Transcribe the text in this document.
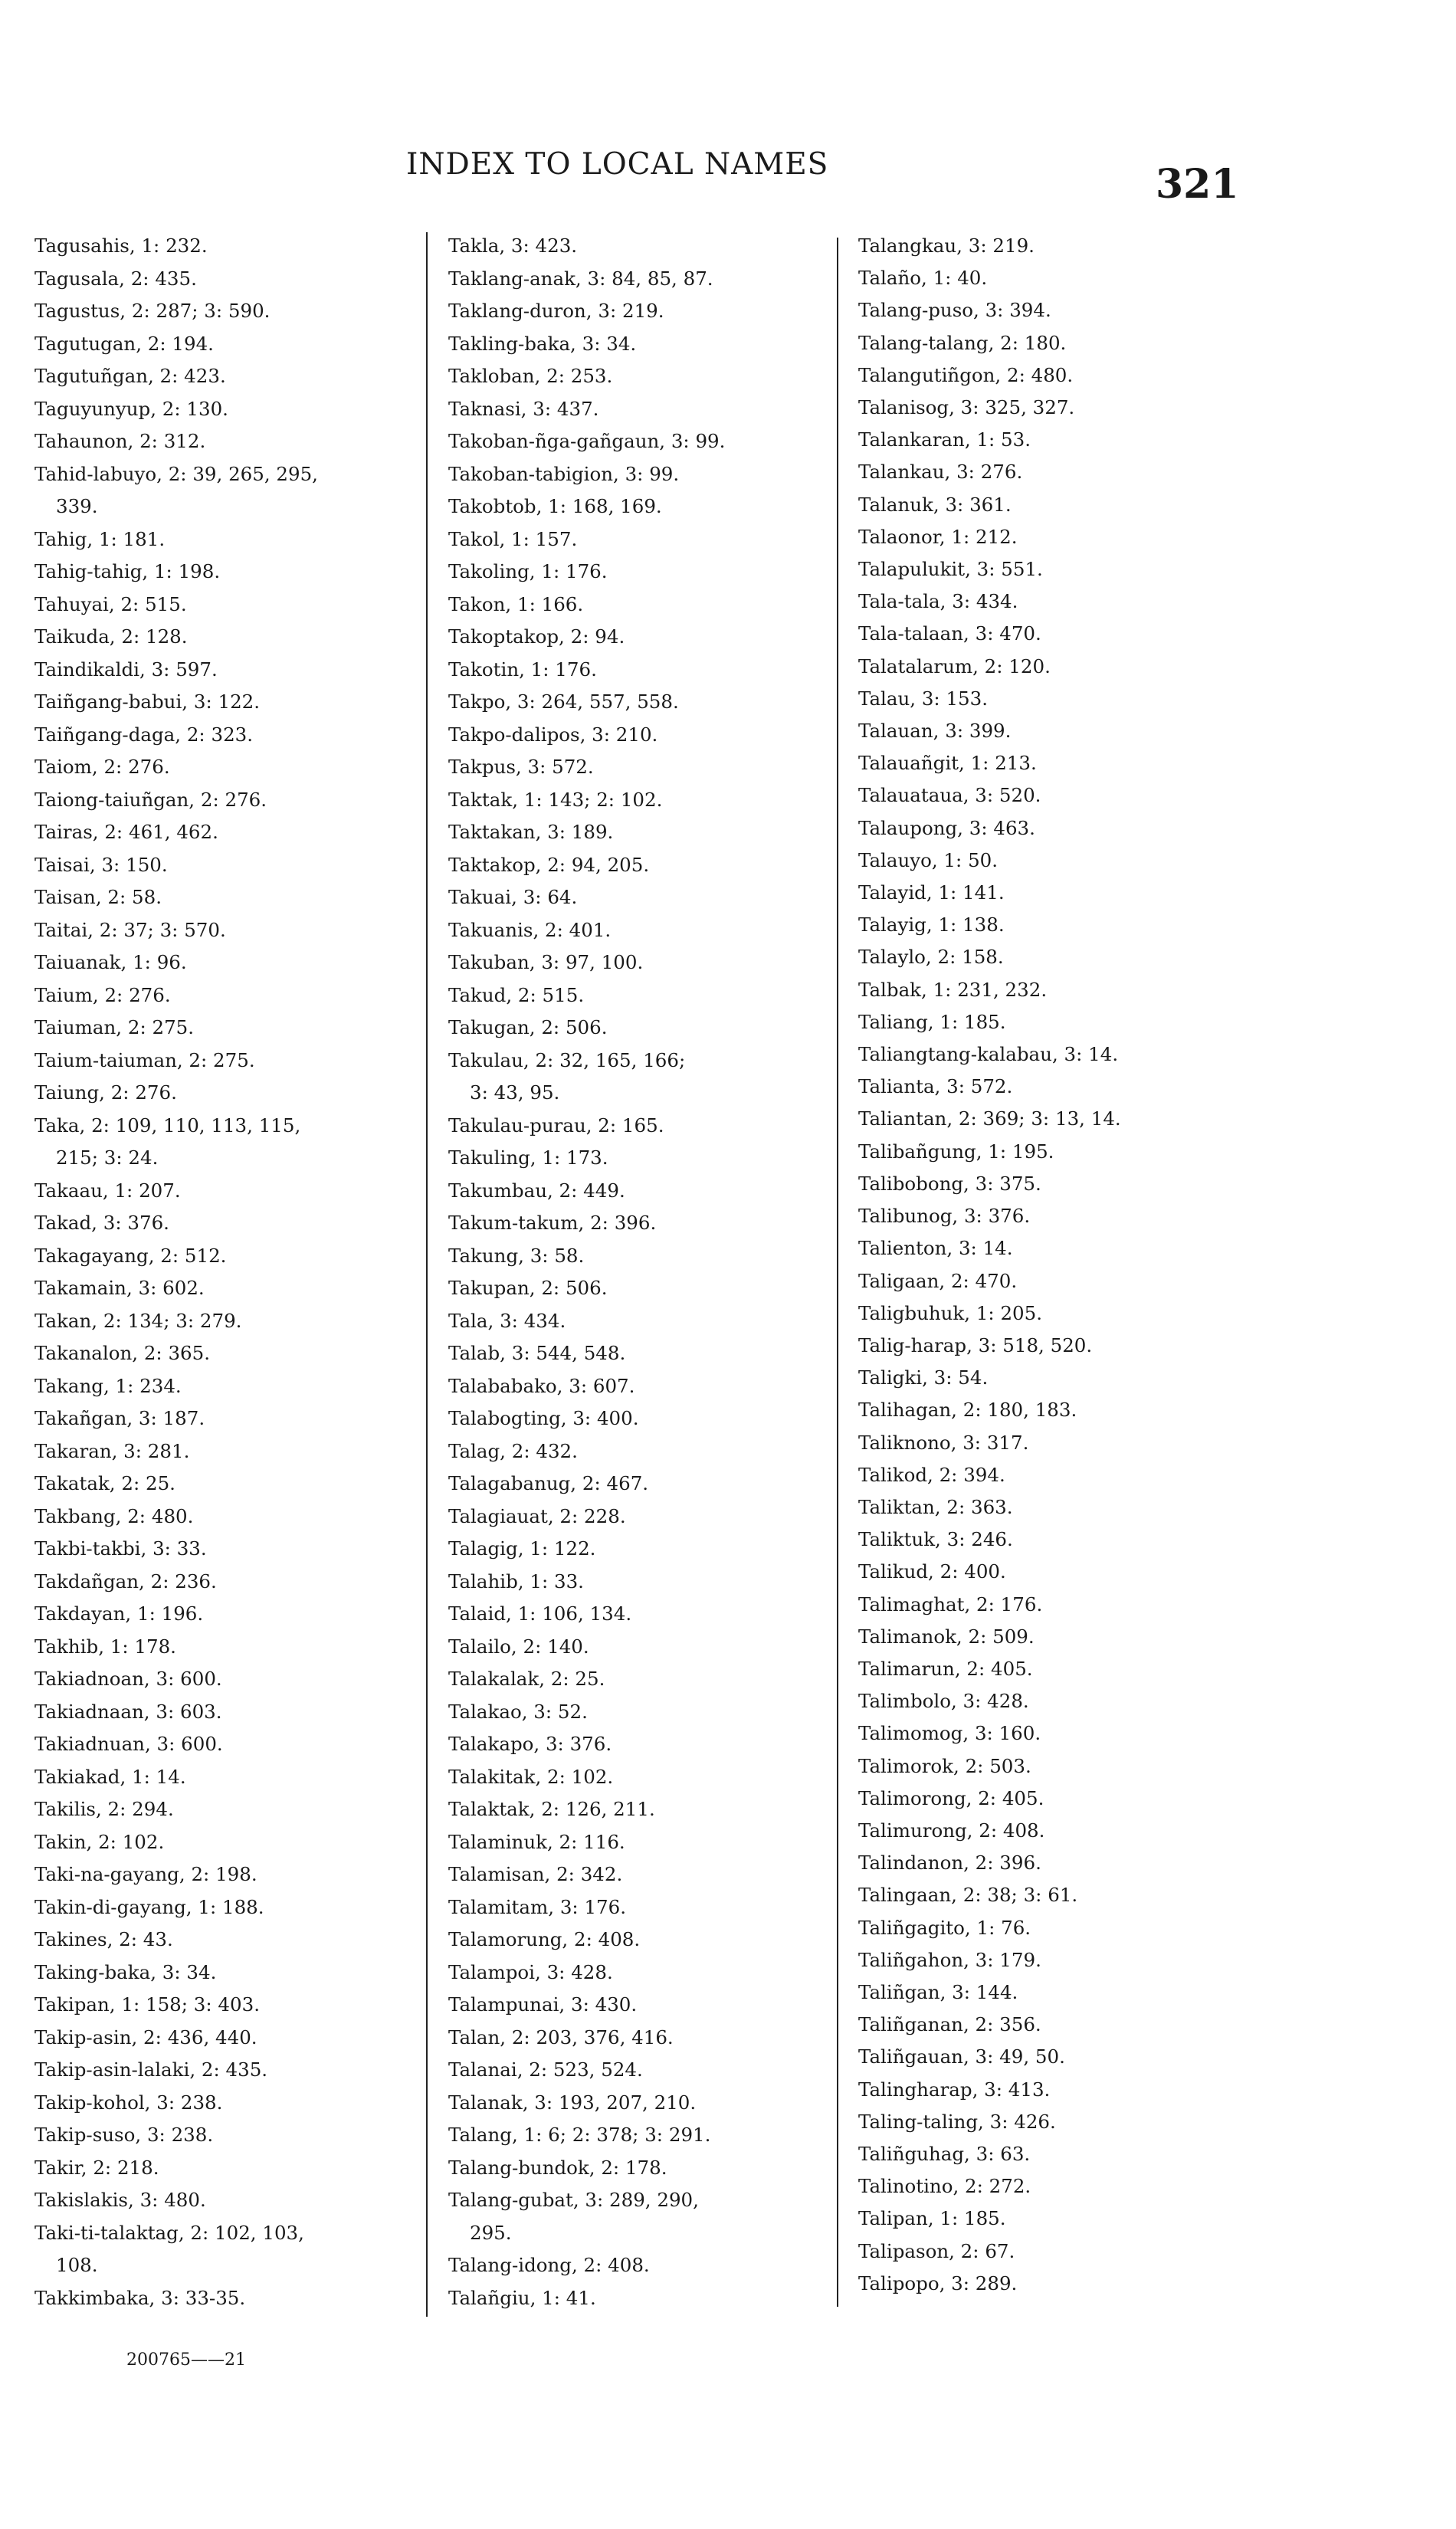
INDEX TO LOCAL NAMES	321
Tagusahis, 1: 232.
Tagusala, 2: 435.
Tagustus, 2: 287; 3: 590.
Tagutugan, 2: 194.
Tagutuñgan, 2: 423.
Taguyunyup, 2: 130.
Tahaunon, 2: 312.
Tahid-labuyo, 2: 39, 265, 295,
339.
Tahig, 1: 181.
Tahig-tahig, 1: 198.
Tahuyai, 2: 515.
Taikuda, 2: 128.
Taindikaldi, 3: 597.
Taiñgang-babui, 3: 122.
Taiñgang-daga, 2: 323.
Taiom, 2: 276.
Taiong-taiuñgan, 2: 276.
Tairas, 2: 461, 462.
Taisai, 3: 150.
Taisan, 2: 58.
Taitai, 2: 37; 3: 570.
Taiuanak, 1: 96.
Taium, 2: 276.
Taiuman, 2: 275.
Taium-taiuman, 2: 275.
Taiung, 2: 276.
Taka, 2: 109, 110, 113, 115,
215; 3: 24.
Takaau, 1: 207.
Takad, 3: 376.
Takagayang, 2: 512.
Takamain, 3: 602.
Takan, 2: 134; 3: 279.
Takanalon, 2: 365.
Takang, 1: 234.
Takañgan, 3: 187.
Takaran, 3: 281.
Takatak, 2: 25.
Takbang, 2: 480.
Takbi-takbi, 3: 33.
Takdañgan, 2: 236.
Takdayan, 1: 196.
Takhib, 1: 178.
Takiadnoan, 3: 600.
Takiadnaan, 3: 603.
Takiadnuan, 3: 600.
Takiakad, 1: 14.
Takilis, 2: 294.
Takin, 2: 102.
Taki-na-gayang, 2: 198.
Takin-di-gayang, 1: 188.
Takines, 2: 43.
Taking-baka, 3: 34.
Takipan, 1: 158; 3: 403.
Takip-asin, 2: 436, 440.
Takip-asin-lalaki, 2: 435.
Takip-kohol, 3: 238.
Takip-suso, 3: 238.
Takir, 2: 218.
Takislakis, 3: 480.
Taki-ti-talaktag, 2: 102, 103,
108.
Takkimbaka, 3: 33-35.
Takla, 3: 423.
Taklang-anak, 3: 84, 85, 87.
Taklang-duron, 3: 219.
Takling-baka, 3: 34.
Takloban, 2: 253.
Taknasi, 3: 437.
Takoban-ñga-gañgaun, 3: 99.
Takoban-tabigion, 3: 99.
Takobtob, 1: 168, 169.
Takol, 1: 157.
Takoling, 1: 176.
Takon, 1: 166.
Takoptakop, 2: 94.
Takotin, 1: 176.
Takpo, 3: 264, 557, 558.
Takpo-dalipos, 3: 210.
Takpus, 3: 572.
Taktak, 1: 143; 2: 102.
Taktakan, 3: 189.
Taktakop, 2: 94, 205.
Takuai, 3: 64.
Takuanis, 2: 401.
Takuban, 3: 97, 100.
Takud, 2: 515.
Takugan, 2: 506.
Takulau, 2: 32, 165, 166;
3: 43, 95.
Takulau-purau, 2: 165.
Takuling, 1: 173.
Takumbau, 2: 449.
Takum-takum, 2: 396.
Takung, 3: 58.
Takupan, 2: 506.
Tala, 3: 434.
Talab, 3: 544, 548.
Talababako, 3: 607.
Talabogting, 3: 400.
Talag, 2: 432.
Talagabanug, 2: 467.
Talagiauat, 2: 228.
Talagig, 1: 122.
Talahib, 1: 33.
Talaid, 1: 106, 134.
Talailo, 2: 140.
Talakalak, 2: 25.
Talakao, 3: 52.
Talakapo, 3: 376.
Talakitak, 2: 102.
Talaktak, 2: 126, 211.
Talaminuk, 2: 116.
Talamisan, 2: 342.
Talamitam, 3: 176.
Talamorung, 2: 408.
Talampoi, 3: 428.
Talampunai, 3: 430.
Talan, 2: 203, 376, 416.
Talanai, 2: 523, 524.
Talanak, 3: 193, 207, 210.
Talang, 1: 6; 2: 378; 3: 291.
Talang-bundok, 2: 178.
Talang-gubat, 3: 289, 290,
295.
Talang-idong, 2: 408.
Talañgiu, 1: 41.
Talangkau, 3: 219.
Talaño, 1: 40.
Talang-puso, 3: 394.
Talang-talang, 2: 180.
Talangutiñgon, 2: 480.
Talanisog, 3: 325, 327.
Talankaran, 1: 53.
Talankau, 3: 276.
Talanuk, 3: 361.
Talaonor, 1: 212.
Talapulukit, 3: 551.
Tala-tala, 3: 434.
Tala-talaan, 3: 470.
Talatalarum, 2: 120.
Talau, 3: 153.
Talauan, 3: 399.
Talauañgit, 1: 213.
Talauataua, 3: 520.
Talaupong, 3: 463.
Talauyo, 1: 50.
Talayid, 1: 141.
Talayig, 1: 138.
Talaylo, 2: 158.
Talbak, 1: 231, 232.
Taliang, 1: 185.
Taliangtang-kalabau, 3: 14.
Talianta, 3: 572.
Taliantan, 2: 369; 3: 13, 14.
Talibañgung, 1: 195.
Talibobong, 3: 375.
Talibunog, 3: 376.
Talienton, 3: 14.
Taligaan, 2: 470.
Taligbuhuk, 1: 205.
Talig-harap, 3: 518, 520.
Taligki, 3: 54.
Talihagan, 2: 180, 183.
Taliknono, 3: 317.
Talikod, 2: 394.
Taliktan, 2: 363.
Taliktuk, 3: 246.
Talikud, 2: 400.
Talimaghat, 2: 176.
Talimanok, 2: 509.
Talimarun, 2: 405.
Talimbolo, 3: 428.
Talimomog, 3: 160.
Talimorok, 2: 503.
Talimorong, 2: 405.
Talimurong, 2: 408.
Talindanon, 2: 396.
Talingaan, 2: 38; 3: 61.
Taliñgagito, 1: 76.
Taliñgahon, 3: 179.
Taliñgan, 3: 144.
Taliñganan, 2: 356.
Taliñgauan, 3: 49, 50.
Talingharap, 3: 413.
Taling-taling, 3: 426.
Taliñguhag, 3: 63.
Talinotino, 2: 272.
Talipan, 1: 185.
Talipason, 2: 67.
Talipopo, 3: 289.
200765——21
